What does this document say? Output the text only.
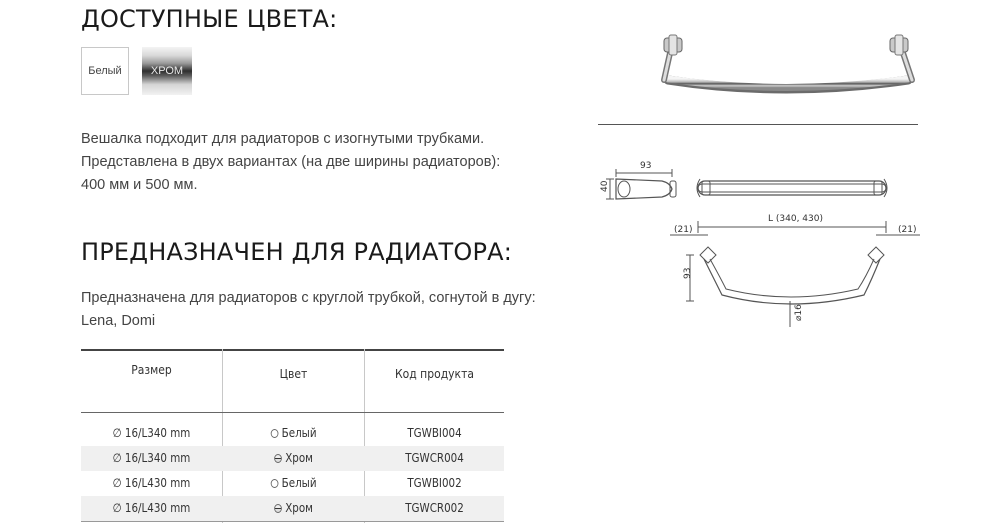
ДОСТУПНЫЕ ЦВЕТА:
Белый	ХРОМ
Вешалка подходит для радиаторов с изогнутыми трубками.
Представлена в двух вариантах (на две ширины радиаторов):
400 мм и 500 мм.
ПРЕДНАЗНАЧЕН ДЛЯ РАДИАТОРА:
Предназначена для радиаторов с круглой трубкой, согнутой в дугу:
Lena, Domi
Размер	Цвет	Код продукта
∅ 16/L340 mm	Белый	TGWBI004
∅ 16/L340 mm	Хром	TGWCR004
∅ 16/L430 mm	Белый	TGWBI002
∅ 16/L430 mm	Хром	TGWCR002
93
40
L (340, 430)
(21)	(21)
93
⌀16
